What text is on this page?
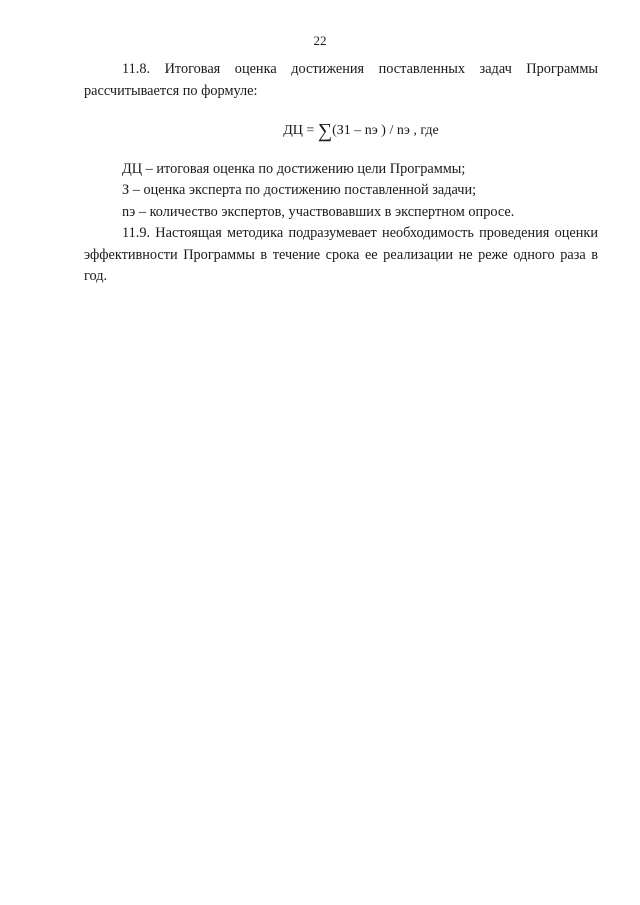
22

11.8. Итоговая оценка достижения поставленных задач Программы рассчитывается по формуле:

ДЦ = ∑(З1 – nэ ) / nэ , где

ДЦ – итоговая оценка по достижению цели Программы;

З – оценка эксперта по достижению поставленной задачи;

nэ – количество экспертов, участвовавших в экспертном опросе.

11.9. Настоящая методика подразумевает необходимость проведения оценки эффективности Программы в течение срока ее реализации не реже одного раза в год.
